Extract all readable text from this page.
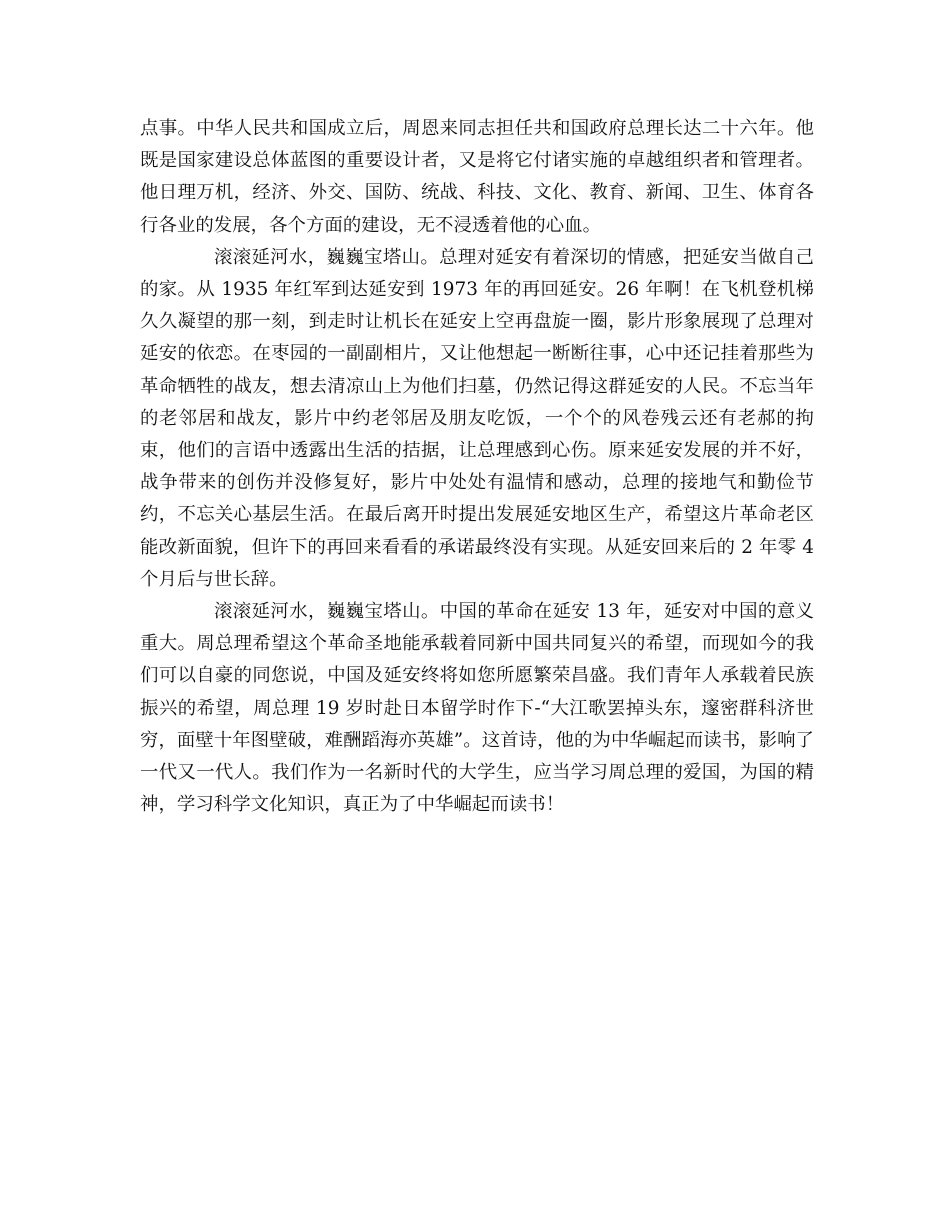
点事。中华人民共和国成立后，周恩来同志担任共和国政府总理长达二十六年。他既是国家建设总体蓝图的重要设计者，又是将它付诸实施的卓越组织者和管理者。他日理万机，经济、外交、国防、统战、科技、文化、教育、新闻、卫生、体育各行各业的发展，各个方面的建设，无不浸透着他的心血。

滚滚延河水，巍巍宝塔山。总理对延安有着深切的情感，把延安当做自己的家。从 1935 年红军到达延安到 1973 年的再回延安。26 年啊！在飞机登机梯久久凝望的那一刻，到走时让机长在延安上空再盘旋一圈，影片形象展现了总理对延安的依恋。在枣园的一副副相片，又让他想起一断断往事，心中还记挂着那些为革命牺牲的战友，想去清凉山上为他们扫墓，仍然记得这群延安的人民。不忘当年的老邻居和战友，影片中约老邻居及朋友吃饭，一个个的风卷残云还有老郝的拘束，他们的言语中透露出生活的拮据，让总理感到心伤。原来延安发展的并不好，战争带来的创伤并没修复好，影片中处处有温情和感动，总理的接地气和勤俭节约，不忘关心基层生活。在最后离开时提出发展延安地区生产，希望这片革命老区能改新面貌，但许下的再回来看看的承诺最终没有实现。从延安回来后的 2 年零 4 个月后与世长辞。

滚滚延河水，巍巍宝塔山。中国的革命在延安 13 年，延安对中国的意义重大。周总理希望这个革命圣地能承载着同新中国共同复兴的希望，而现如今的我们可以自豪的同您说，中国及延安终将如您所愿繁荣昌盛。我们青年人承载着民族振兴的希望，周总理 19 岁时赴日本留学时作下-“大江歌罢掉头东，邃密群科济世穷，面壁十年图壁破，难酬蹈海亦英雄”。这首诗，他的为中华崛起而读书，影响了一代又一代人。我们作为一名新时代的大学生，应当学习周总理的爱国，为国的精神，学习科学文化知识，真正为了中华崛起而读书！
